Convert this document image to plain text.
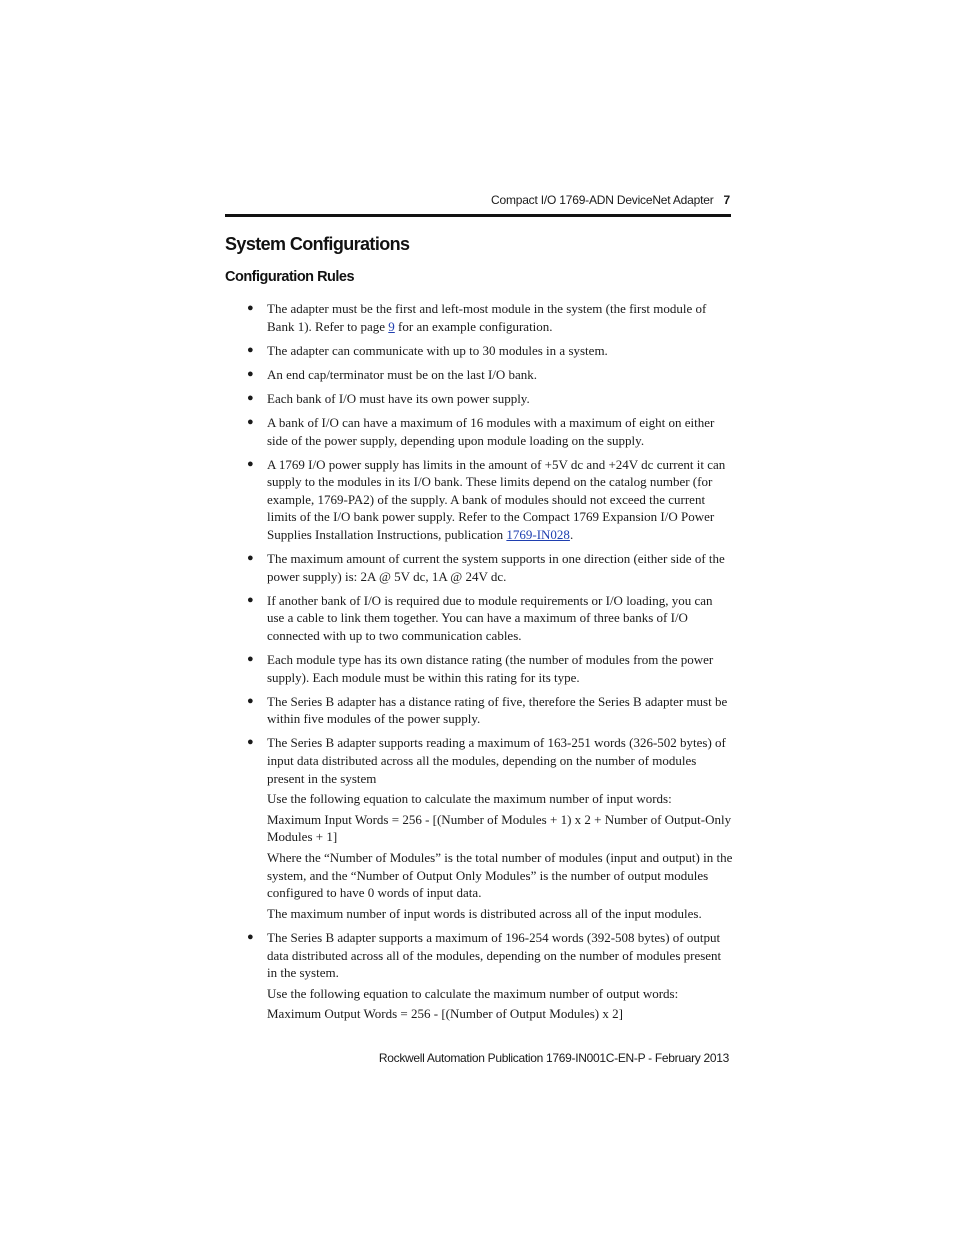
Compact I/O 1769-ADN DeviceNet Adapter 7
System Configurations
Configuration Rules
● The adapter must be the first and left-most module in the system (the first module of Bank 1). Refer to page 9 for an example configuration.

● The adapter can communicate with up to 30 modules in a system.

● An end cap/terminator must be on the last I/O bank.

● Each bank of I/O must have its own power supply.

● A bank of I/O can have a maximum of 16 modules with a maximum of eight on either side of the power supply, depending upon module loading on the supply.

● A 1769 I/O power supply has limits in the amount of +5V dc and +24V dc current it can supply to the modules in its I/O bank. These limits depend on the catalog number (for example, 1769-PA2) of the supply. A bank of modules should not exceed the current limits of the I/O bank power supply. Refer to the Compact 1769 Expansion I/O Power Supplies Installation Instructions, publication 1769-IN028.

● The maximum amount of current the system supports in one direction (either side of the power supply) is: 2A @ 5V dc, 1A @ 24V dc.

● If another bank of I/O is required due to module requirements or I/O loading, you can use a cable to link them together. You can have a maximum of three banks of I/O connected with up to two communication cables.

● Each module type has its own distance rating (the number of modules from the power supply). Each module must be within this rating for its type.

● The Series B adapter has a distance rating of five, therefore the Series B adapter must be within five modules of the power supply.

● The Series B adapter supports reading a maximum of 163-251 words (326-502 bytes) of input data distributed across all the modules, depending on the number of modules present in the system

Use the following equation to calculate the maximum number of input words:

Maximum Input Words = 256 - [(Number of Modules + 1) x 2 + Number of Output-Only Modules + 1]

Where the “Number of Modules” is the total number of modules (input and output) in the system, and the “Number of Output Only Modules” is the number of output modules configured to have 0 words of input data.

The maximum number of input words is distributed across all of the input modules.

● The Series B adapter supports a maximum of 196-254 words (392-508 bytes) of output data distributed across all of the modules, depending on the number of modules present in the system.

Use the following equation to calculate the maximum number of output words:

Maximum Output Words = 256 - [(Number of Output Modules) x 2]

Rockwell Automation Publication 1769-IN001C-EN-P - February 2013
